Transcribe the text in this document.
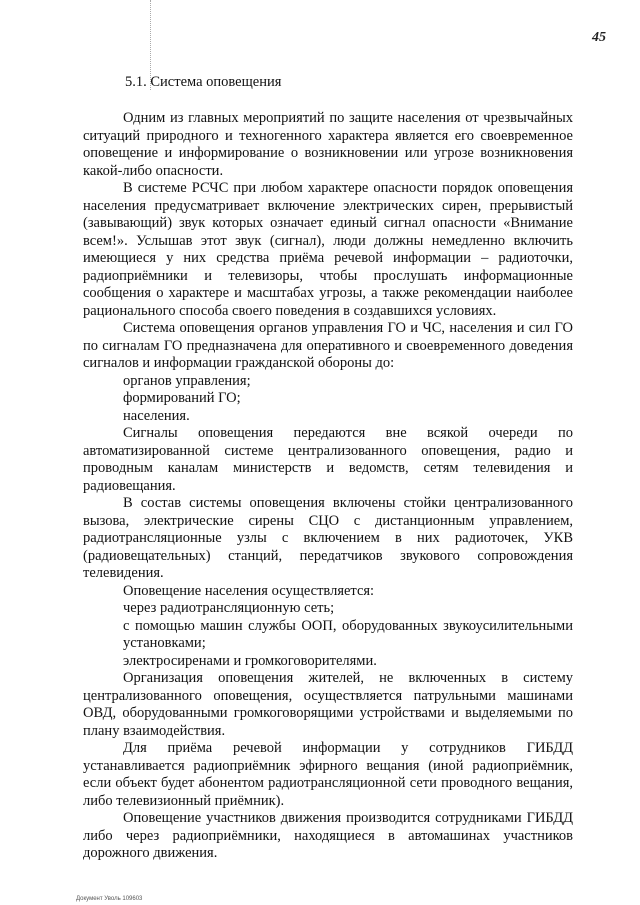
45
5.1. Система оповещения

Одним из главных мероприятий по защите населения от чрезвычайных ситуаций природного и техногенного характера является его своевременное оповещение и информирование о возникновении или угрозе возникновения какой-либо опасности.

В системе РСЧС при любом характере опасности порядок оповещения населения предусматривает включение электрических сирен, прерывистый (завывающий) звук которых означает единый сигнал опасности «Внимание всем!». Услышав этот звук (сигнал), люди должны немедленно включить имеющиеся у них средства приёма речевой информации – радиоточки, радиоприёмники и телевизоры, чтобы прослушать информационные сообщения о характере и масштабах угрозы, а также рекомендации наиболее рационального способа своего поведения в создавшихся условиях.

Система оповещения органов управления ГО и ЧС, населения и сил ГО по сигналам ГО предназначена для оперативного и своевременного доведения сигналов и информации гражданской обороны до:

органов управления;

формирований ГО;

населения.

Сигналы оповещения передаются вне всякой очереди по автоматизированной системе централизованного оповещения, радио и проводным каналам министерств и ведомств, сетям телевидения и радиовещания.

В состав системы оповещения включены стойки централизованного вызова, электрические сирены СЦО с дистанционным управлением, радиотрансляционные узлы с включением в них радиоточек, УКВ (радиовещательных) станций, передатчиков звукового сопровождения телевидения.

Оповещение населения осуществляется:

через радиотрансляционную сеть;

с помощью машин службы ООП, оборудованных звукоусилительными установками;

электросиренами и громкоговорителями.

Организация оповещения жителей, не включенных в систему централизованного оповещения, осуществляется патрульными машинами ОВД, оборудованными громкоговорящими устройствами и выделяемыми по плану взаимодействия.

Для приёма речевой информации у сотрудников ГИБДД устанавливается радиоприёмник эфирного вещания (иной радиоприёмник, если объект будет абонентом радиотрансляционной сети проводного вещания, либо телевизионный приёмник).

Оповещение участников движения производится сотрудниками ГИБДД либо через радиоприёмники, находящиеся в автомашинах участников дорожного движения.

Документ Уволь 109603
